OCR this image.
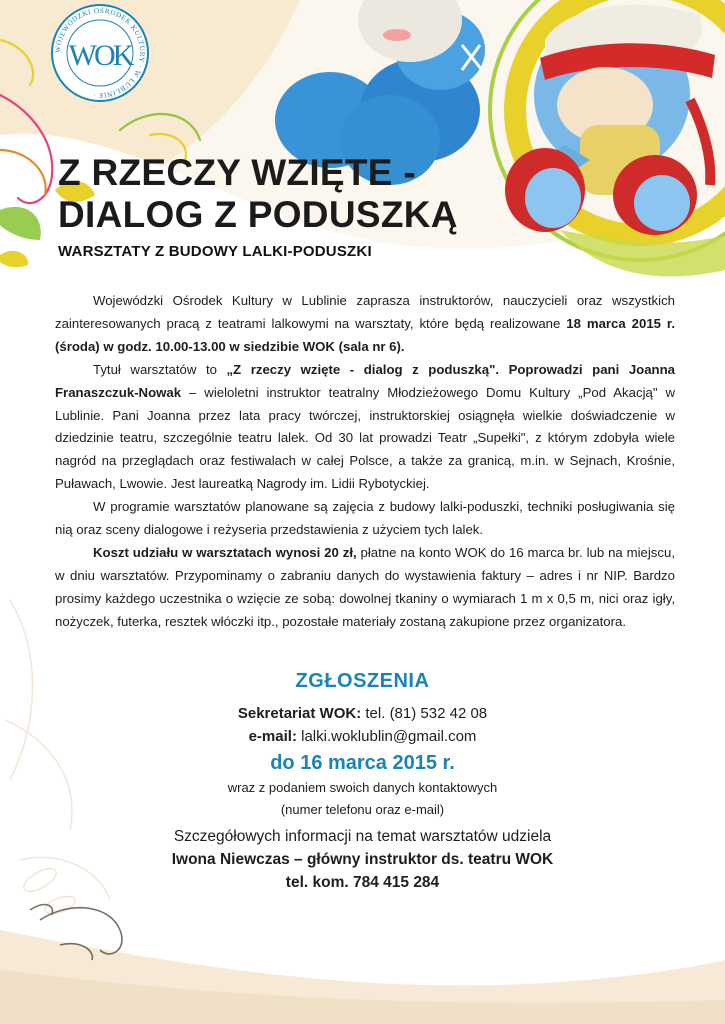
WOJEWÓDZKI OŚRODEK KULTURY · W LUBLINIE ·
WOK
Z RZECZY WZIĘTE -
DIALOG Z PODUSZKĄ
WARSZTATY Z BUDOWY LALKI-PODUSZKI

Wojewódzki Ośrodek Kultury w Lublinie zaprasza instruktorów, nauczycieli oraz wszystkich zainteresowanych pracą z teatrami lalkowymi na warsztaty, które będą realizowane 18 marca 2015 r. (środa) w godz. 10.00-13.00 w siedzibie WOK (sala nr 6).

Tytuł warsztatów to „Z rzeczy wzięte - dialog z poduszką". Poprowadzi pani Joanna Franaszczuk-Nowak – wieloletni instruktor teatralny Młodzieżowego Domu Kultury „Pod Akacją" w Lublinie. Pani Joanna przez lata pracy twórczej, instruktorskiej osiągnęła wielkie doświadczenie w dziedzinie teatru, szczególnie teatru lalek. Od 30 lat prowadzi Teatr „Supełki", z którym zdobyła wiele nagród na przeglądach oraz festiwalach w całej Polsce, a także za granicą, m.in. w Sejnach, Krośnie, Puławach, Lwowie. Jest laureatką Nagrody im. Lidii Rybotyckiej.

W programie warsztatów planowane są zajęcia z budowy lalki-poduszki, techniki posługiwania się nią oraz sceny dialogowe i reżyseria przedstawienia z użyciem tych lalek.

Koszt udziału w warsztatach wynosi 20 zł, płatne na konto WOK do 16 marca br. lub na miejscu, w dniu warsztatów. Przypominamy o zabraniu danych do wystawienia faktury – adres i nr NIP. Bardzo prosimy każdego uczestnika o wzięcie ze sobą: dowolnej tkaniny o wymiarach 1 m x 0,5 m, nici oraz igły, nożyczek, futerka, resztek włóczki itp., pozostałe materiały zostaną zakupione przez organizatora.

ZGŁOSZENIA
Sekretariat WOK: tel. (81) 532 42 08
e-mail: lalki.woklublin@gmail.com
do 16 marca 2015 r.
wraz z podaniem swoich danych kontaktowych
(numer telefonu oraz e-mail)
Szczegółowych informacji na temat warsztatów udziela
Iwona Niewczas – główny instruktor ds. teatru WOK
tel. kom. 784 415 284
